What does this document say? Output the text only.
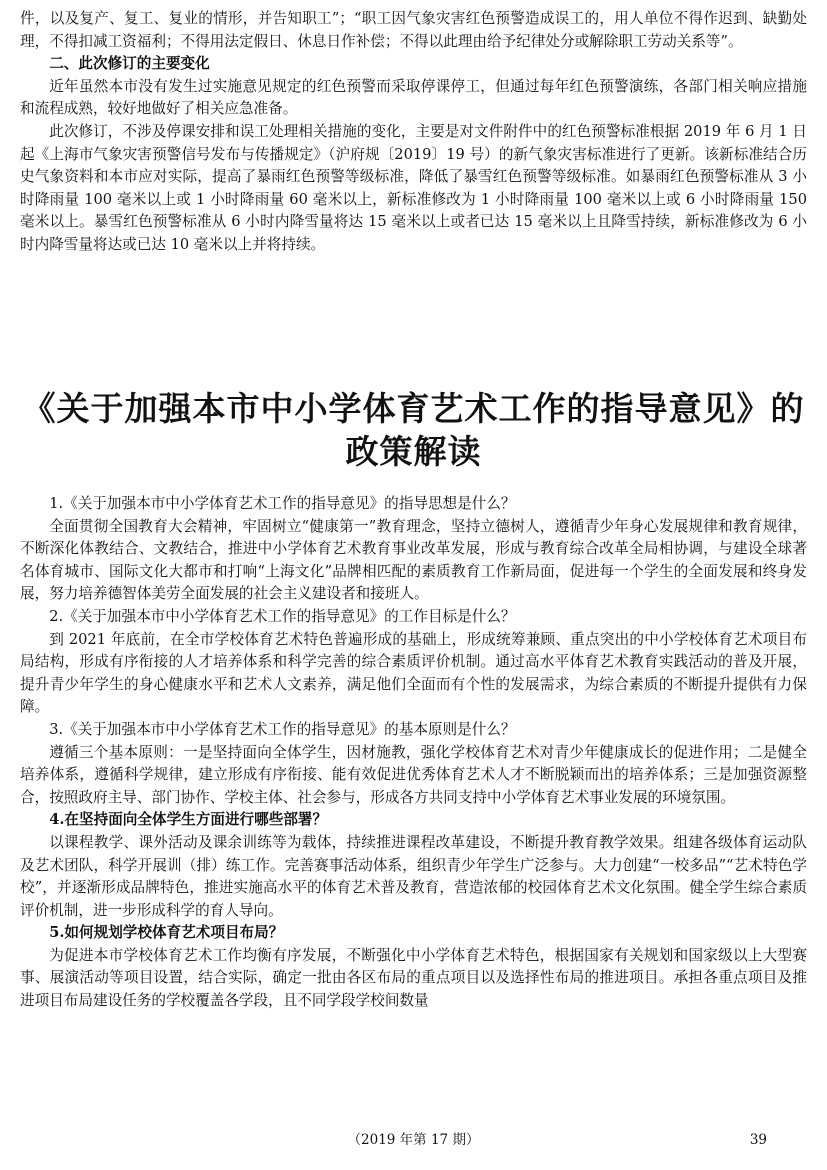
件，以及复产、复工、复业的情形，并告知职工”；“职工因气象灾害红色预警造成误工的，用人单位不得作迟到、缺勤处理，不得扣减工资福利；不得用法定假日、休息日作补偿；不得以此理由给予纪律处分或解除职工劳动关系等”。

二、此次修订的主要变化

近年虽然本市没有发生过实施意见规定的红色预警而采取停课停工，但通过每年红色预警演练，各部门相关响应措施和流程成熟，较好地做好了相关应急准备。

此次修订，不涉及停课安排和误工处理相关措施的变化，主要是对文件附件中的红色预警标准根据 2019 年 6 月 1 日起《上海市气象灾害预警信号发布与传播规定》（沪府规〔2019〕19 号）的新气象灾害标准进行了更新。该新标准结合历史气象资料和本市应对实际，提高了暴雨红色预警等级标准，降低了暴雪红色预警等级标准。如暴雨红色预警标准从 3 小时降雨量 100 毫米以上或 1 小时降雨量 60 毫米以上，新标准修改为 1 小时降雨量 100 毫米以上或 6 小时降雨量 150 毫米以上。暴雪红色预警标准从 6 小时内降雪量将达 15 毫米以上或者已达 15 毫米以上且降雪持续，新标准修改为 6 小时内降雪量将达或已达 10 毫米以上并将持续。

《关于加强本市中小学体育艺术工作的指导意见》的
政策解读

1.《关于加强本市中小学体育艺术工作的指导意见》的指导思想是什么？

全面贯彻全国教育大会精神，牢固树立“健康第一”教育理念，坚持立德树人，遵循青少年身心发展规律和教育规律，不断深化体教结合、文教结合，推进中小学体育艺术教育事业改革发展，形成与教育综合改革全局相协调，与建设全球著名体育城市、国际文化大都市和打响“上海文化”品牌相匹配的素质教育工作新局面，促进每一个学生的全面发展和终身发展，努力培养德智体美劳全面发展的社会主义建设者和接班人。

2.《关于加强本市中小学体育艺术工作的指导意见》的工作目标是什么？

到 2021 年底前，在全市学校体育艺术特色普遍形成的基础上，形成统筹兼顾、重点突出的中小学校体育艺术项目布局结构，形成有序衔接的人才培养体系和科学完善的综合素质评价机制。通过高水平体育艺术教育实践活动的普及开展，提升青少年学生的身心健康水平和艺术人文素养，满足他们全面而有个性的发展需求，为综合素质的不断提升提供有力保障。

3.《关于加强本市中小学体育艺术工作的指导意见》的基本原则是什么？

遵循三个基本原则：一是坚持面向全体学生，因材施教，强化学校体育艺术对青少年健康成长的促进作用；二是健全培养体系，遵循科学规律，建立形成有序衔接、能有效促进优秀体育艺术人才不断脱颖而出的培养体系；三是加强资源整合，按照政府主导、部门协作、学校主体、社会参与，形成各方共同支持中小学体育艺术事业发展的环境氛围。

4.在坚持面向全体学生方面进行哪些部署？

以课程教学、课外活动及课余训练等为载体，持续推进课程改革建设，不断提升教育教学效果。组建各级体育运动队及艺术团队，科学开展训（排）练工作。完善赛事活动体系，组织青少年学生广泛参与。大力创建“一校多品”“艺术特色学校”，并逐渐形成品牌特色，推进实施高水平的体育艺术普及教育，营造浓郁的校园体育艺术文化氛围。健全学生综合素质评价机制，进一步形成科学的育人导向。

5.如何规划学校体育艺术项目布局？

为促进本市学校体育艺术工作均衡有序发展，不断强化中小学体育艺术特色，根据国家有关规划和国家级以上大型赛事、展演活动等项目设置，结合实际，确定一批由各区布局的重点项目以及选择性布局的推进项目。承担各重点项目及推进项目布局建设任务的学校覆盖各学段，且不同学段学校间数量

（2019 年第 17 期）	39
